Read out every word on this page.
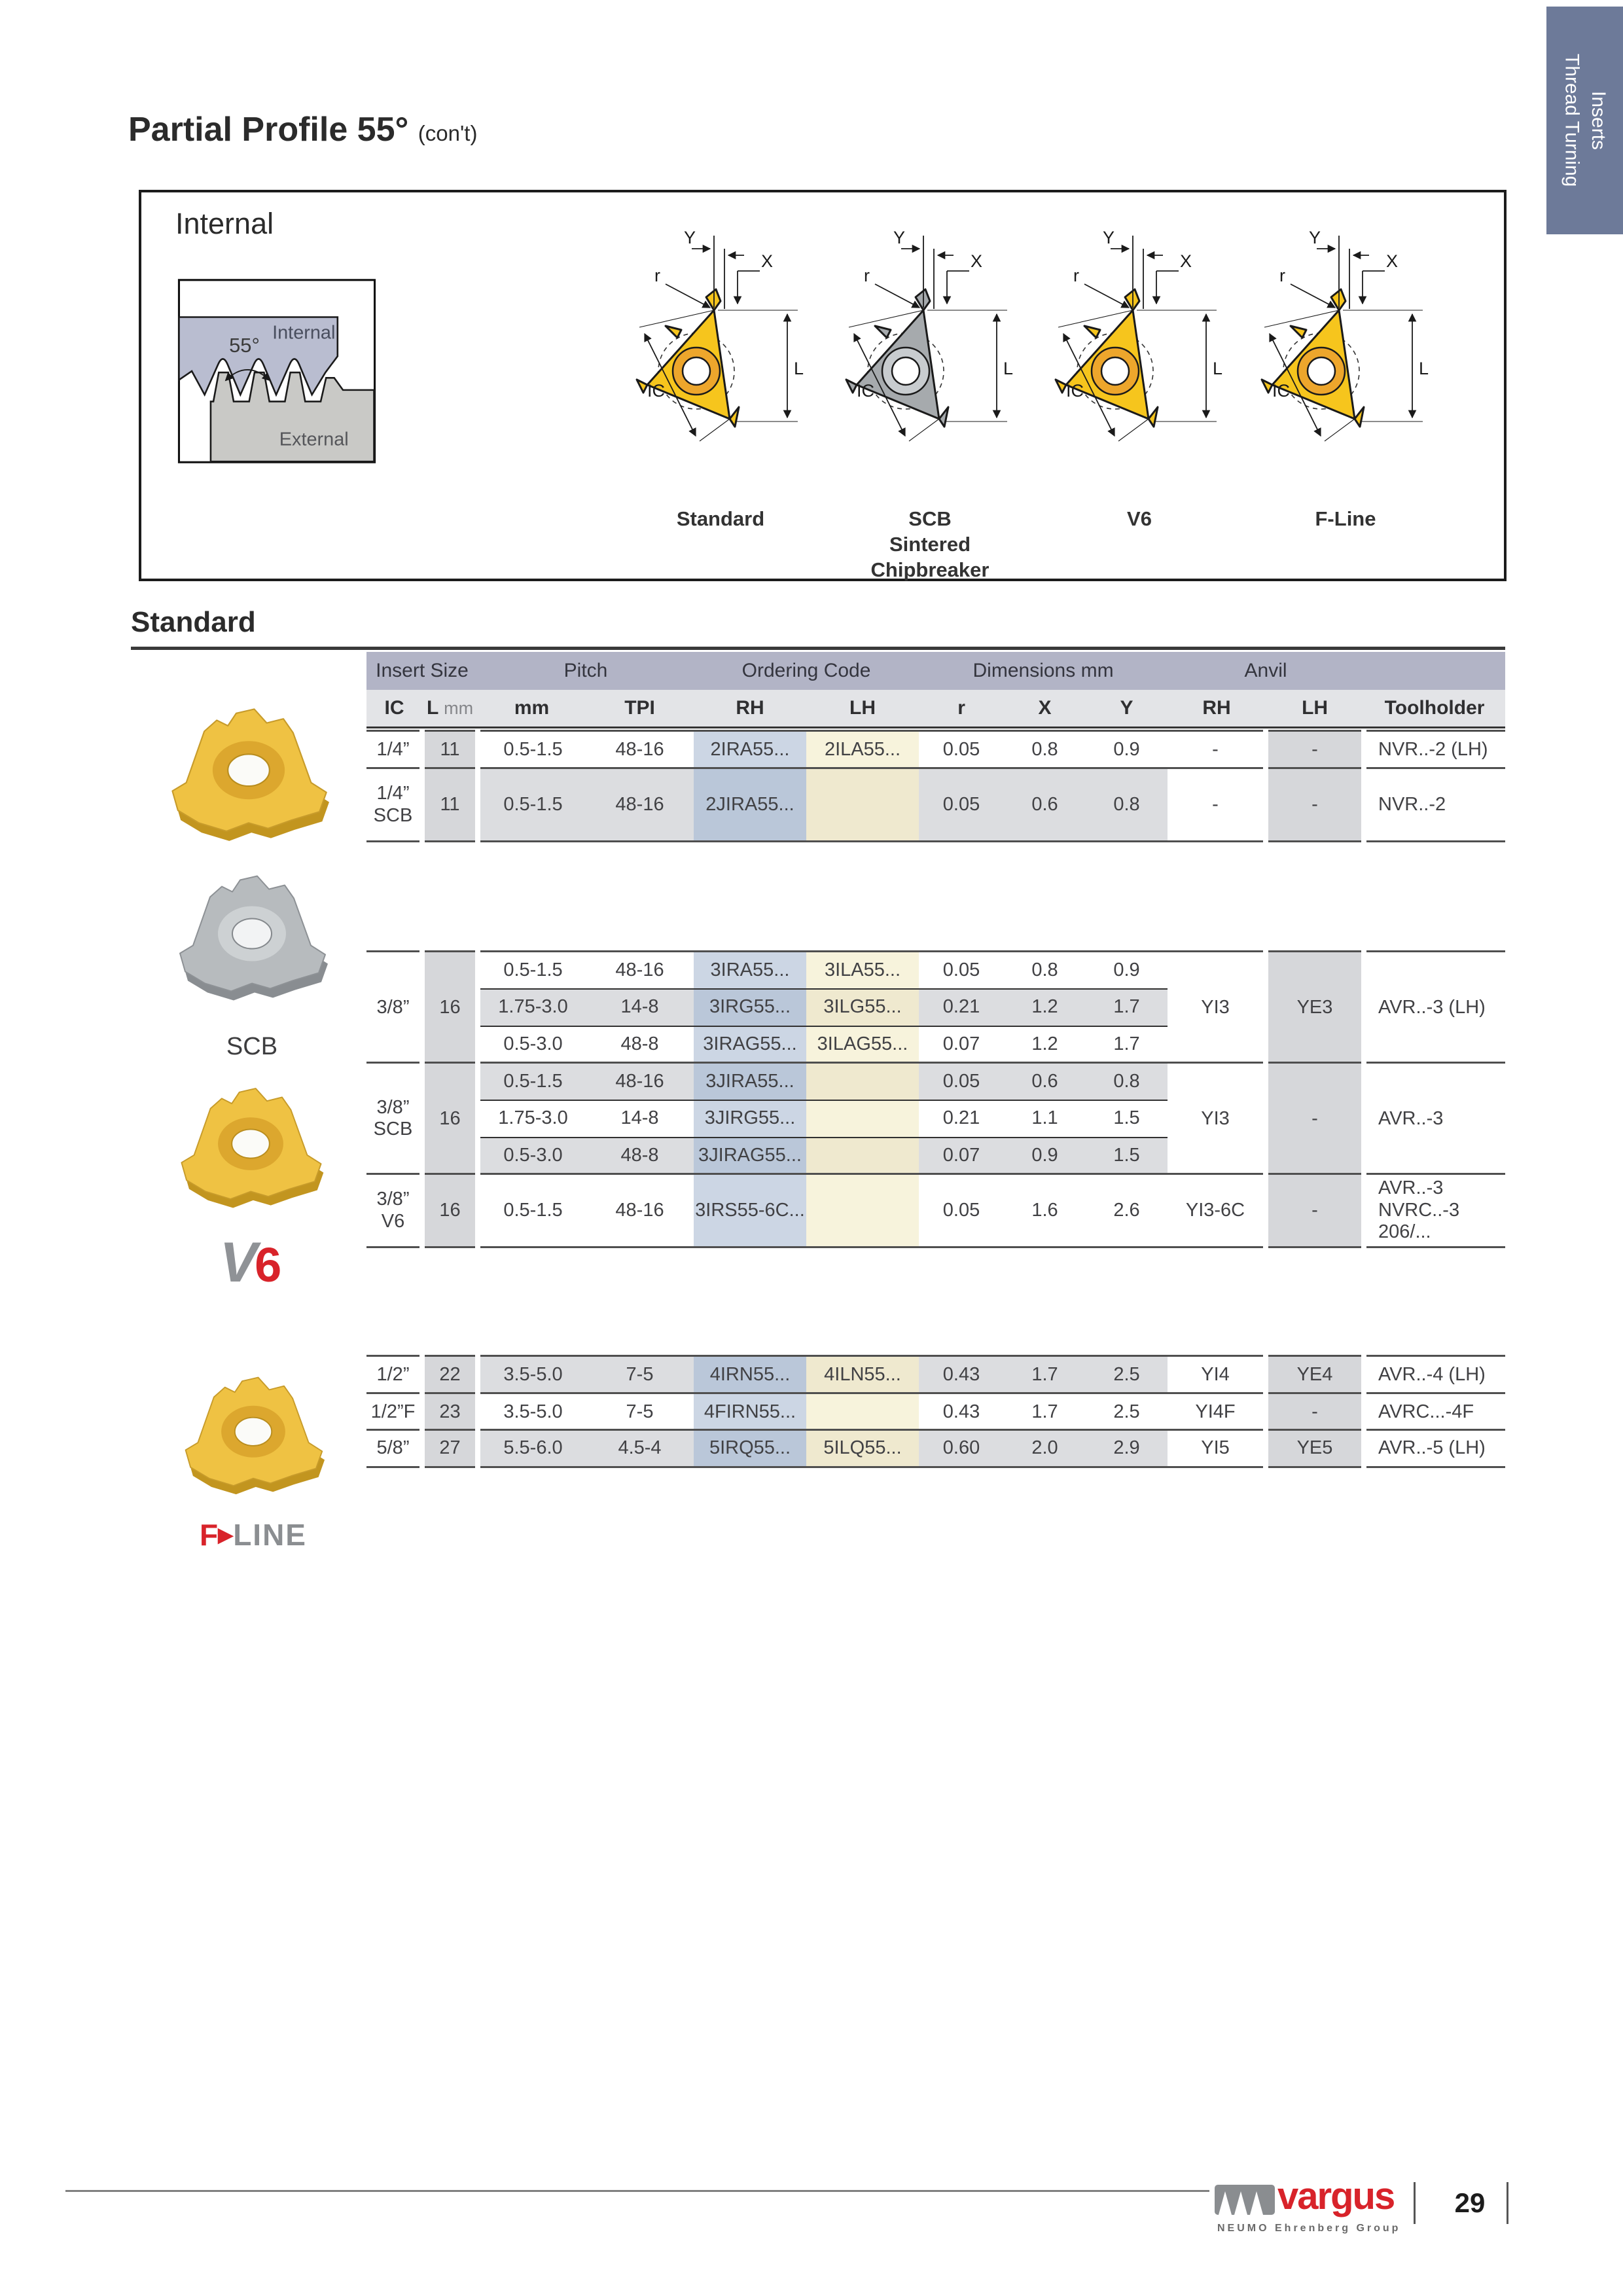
Thread Turning Inserts
Partial Profile 55° (con't)
Internal
55°
Internal
External
Y
X
r
L
IC
Standard
Y
X
r
L
IC
SCB
Sintered
Chipbreaker
Y
X
r
L
IC
V6
Y
X
r
L
IC
F-Line
Standard
Insert Size		Pitch		Ordering Code		Dimensions mm			Anvil		
IC	L mm	mm	TPI	RH	LH	r	X	Y	RH	LH	Toolholder
1/4”	11	0.5-1.5	48-16	2IRA55...	2ILA55...	0.05	0.8	0.9	-	-	NVR..-2 (LH)
1/4”
SCB
	11	0.5-1.5	48-16	2JIRA55...		0.05	0.6	0.8	-	-	NVR..-2
3/8”	16	0.5-1.5	48-16	3IRA55...	3ILA55...	0.05	0.8	0.9	YI3	YE3	AVR..-3 (LH)
		1.75-3.0	14-8	3IRG55...	3ILG55...	0.21	1.2	1.7			
		0.5-3.0	48-8	3IRAG55...	3ILAG55...	0.07	1.2	1.7			
3/8”
SCB	16	0.5-1.5	48-16	3JIRA55...		0.05	0.6	0.8	YI3	-	AVR..-3
		1.75-3.0	14-8	3JIRG55...		0.21	1.1	1.5			
		0.5-3.0	48-8	3JIRAG55...		0.07	0.9	1.5			
3/8”
V6
	16	0.5-1.5	48-16	3IRS55-6C...		0.05	1.6	2.6	YI3-6C	-	
AVR..-3
NVRC..-3 206/...
1/2”	22	3.5-5.0	7-5	4IRN55...	4ILN55...	0.43	1.7	2.5	YI4	YE4	AVR..-4 (LH)
1/2”F	23	3.5-5.0	7-5	4FIRN55...		0.43	1.7	2.5	YI4F	-	AVRC...-4F
5/8”	27	5.5-6.0	4.5-4	5IRQ55...	5ILQ55...	0.60	2.0	2.9	YI5	YE5	AVR..-5 (LH)
SCB
V6
F▶LINE
vargus
NEUMO Ehrenberg Group
29
